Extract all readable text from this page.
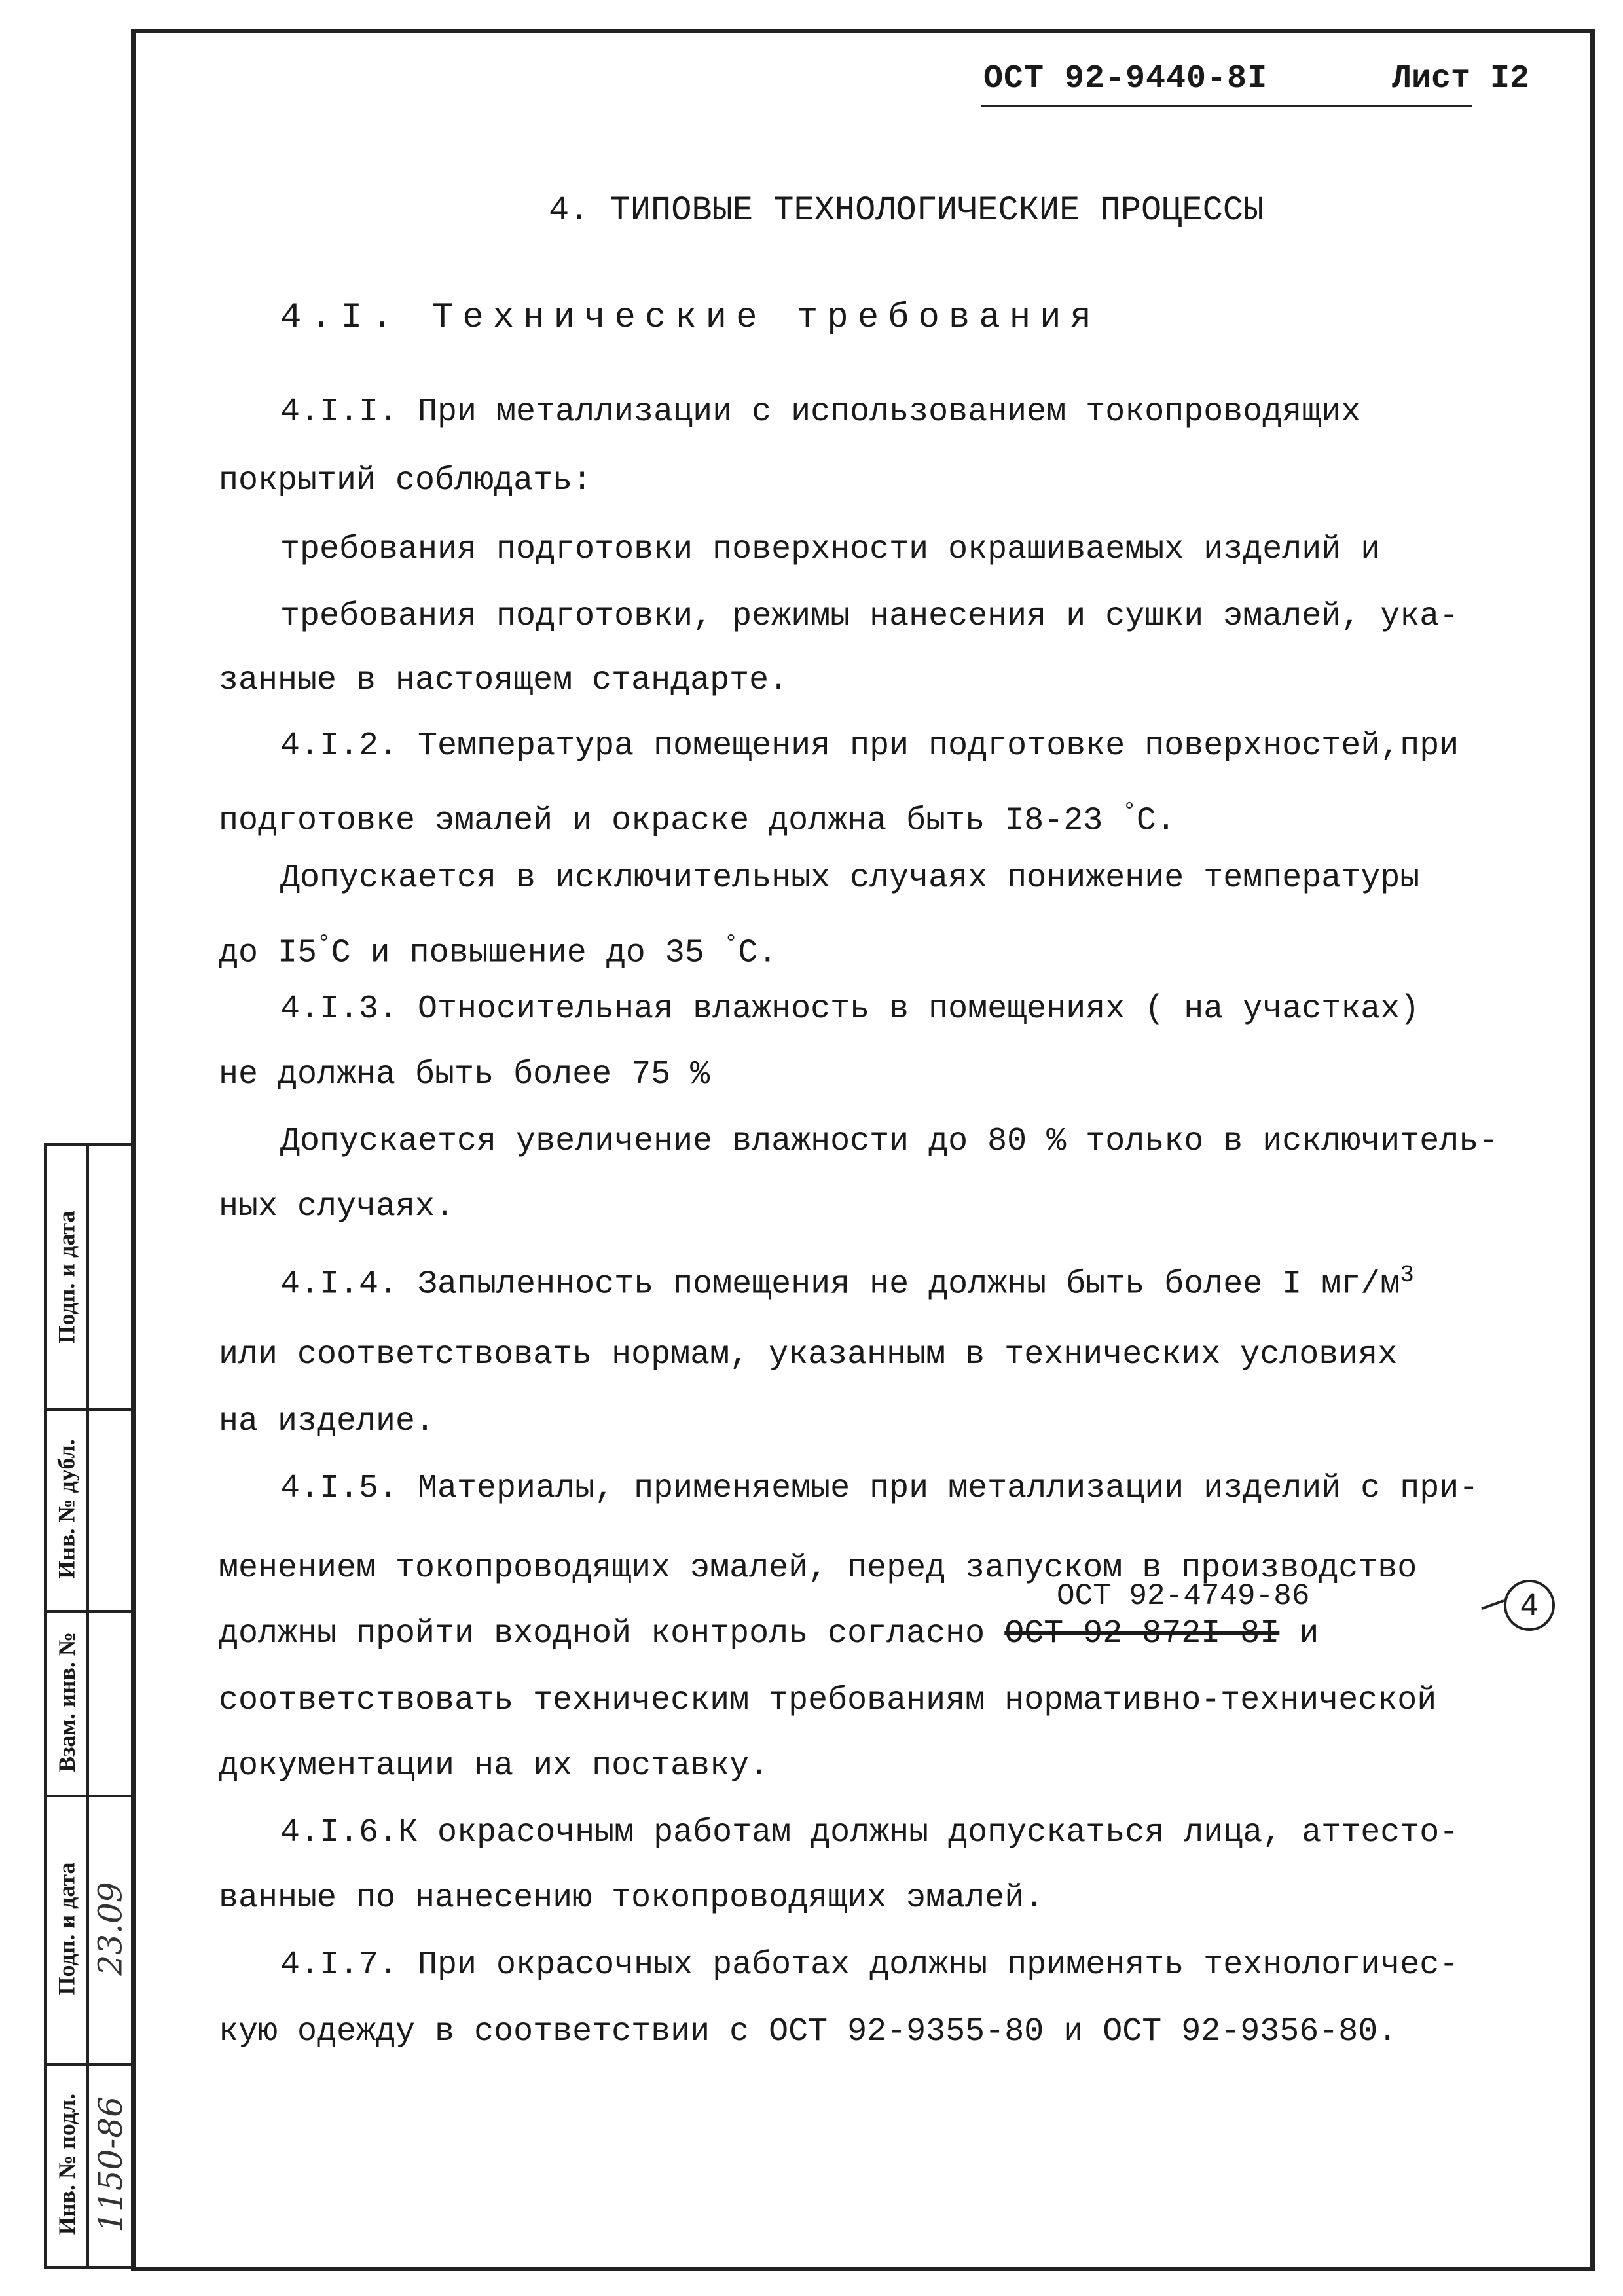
ОСТ 92-9440-8I	Лист I2
4. ТИПОВЫЕ ТЕХНОЛОГИЧЕСКИЕ ПРОЦЕССЫ
4.I. Технические требования
4.I.I. При металлизации с использованием токопроводящих
покрытий соблюдать:
требования подготовки поверхности окрашиваемых изделий и
требования подготовки, режимы нанесения и сушки эмалей, ука-
занные в настоящем стандарте.
4.I.2. Температура помещения при подготовке поверхностей,при
подготовке эмалей и окраске должна быть I8-23 °С.
Допускается в исключительных случаях понижение температуры
до I5°С и повышение до 35 °С.
4.I.3. Относительная влажность в помещениях ( на участках)
не должна быть более 75 %
Допускается увеличение влажности до 80 % только в исключитель-
ных случаях.
4.I.4. Запыленность помещения не должны быть более I $мг/м^3$
или соответствовать нормам, указанным в технических условиях
на изделие.
4.I.5. Материалы, применяемые при металлизации изделий с при-
менением токопроводящих эмалей, перед запуском в производство
ОСТ 92-4749-86
должны пройти входной контроль согласно ОСТ 92-872I-8I и
4
соответствовать техническим требованиям нормативно-технической
документации на их поставку.
4.I.6.К окрасочным работам должны допускаться лица, аттесто-
ванные по нанесению токопроводящих эмалей.
4.I.7. При окрасочных работах должны применять технологичес-
кую одежду в соответствии с ОСТ 92-9355-80 и ОСТ 92-9356-80.
Подп. и дата
Инв. № дубл.
Взам. инв. №
Подп. и дата 23.09
Инв. № подл. 1150-86
